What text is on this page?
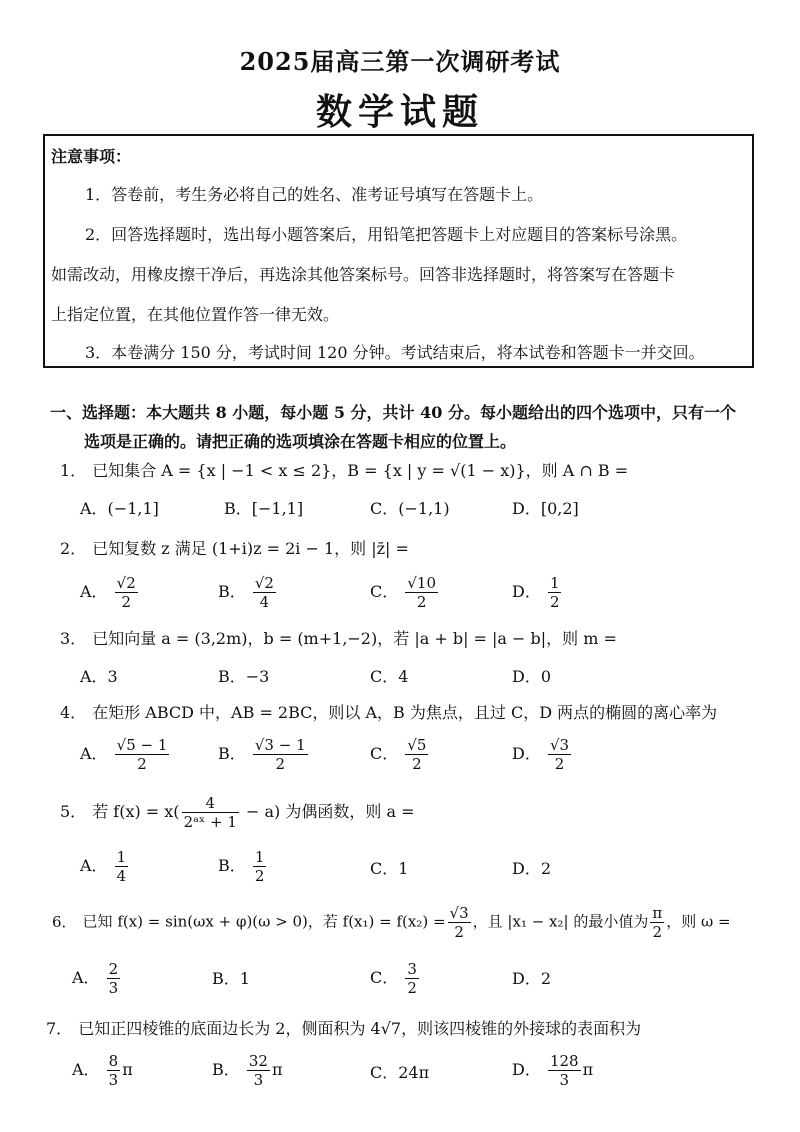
2025届高三第一次调研考试
数学试题
注意事项：
1．答卷前，考生务必将自己的姓名、准考证号填写在答题卡上。
2．回答选择题时，选出每小题答案后，用铅笔把答题卡上对应题目的答案标号涂黑。
如需改动，用橡皮擦干净后，再选涂其他答案标号。回答非选择题时，将答案写在答题卡
上指定位置，在其他位置作答一律无效。
3．本卷满分 150 分，考试时间 120 分钟。考试结束后，将本试卷和答题卡一并交回。
一、选择题：本大题共 8 小题，每小题 5 分，共计 40 分。每小题给出的四个选项中，只有一个
选项是正确的。请把正确的选项填涂在答题卡相应的位置上。
1． 已知集合 A = {x | −1 < x ≤ 2}，B = {x | y = √(1 − x)}，则 A ∩ B =
A．(−1,1]	B．[−1,1]	C．(−1,1)	D．[0,2]
2． 已知复数 z 满足 (1+i)z = 2i − 1，则 |z̄| =
A． $\frac{√2}{2}$	B． $\frac{√2}{4}$	C． $\frac{√10}{2}$	D． $\frac{1}{2}$
3． 已知向量 a = (3,2m)，b = (m+1,−2)，若 |a + b| = |a − b|，则 m =
A．3	B．−3	C．4	D．0
4． 在矩形 ABCD 中，AB = 2BC，则以 A，B 为焦点，且过 C，D 两点的椭圆的离心率为
A． $\frac{√5 - 1}{2}$	B． $\frac{√3 - 1}{2}$	C． $\frac{√5}{2}$	D． $\frac{√3}{2}$
5． 若 $f(x) = x( \frac{4}{\text{2ᵃˣ + 1}} - a)$ 为偶函数，则 a =
A． $\frac{1}{4}$	B． $\frac{1}{2}$	C．1	D．2
6． 已知 f(x) = sin(ωx + φ)(ω > 0)，若 $f(x_1) = f(x_2) = \frac{√3}{2}$ ，且 |x₁ − x₂| 的最小值为 $\frac{\pi}{2}$ ，则 ω =
A． $\frac{2}{3}$	B．1	C． $\frac{3}{2}$	D．2
7． 已知正四棱锥的底面边长为 2，侧面积为 4√7，则该四棱锥的外接球的表面积为
A． $\frac{8}{3}$ π	B． $\frac{32}{3}$ π	C．24π	D． $\frac{128}{3}$ π
